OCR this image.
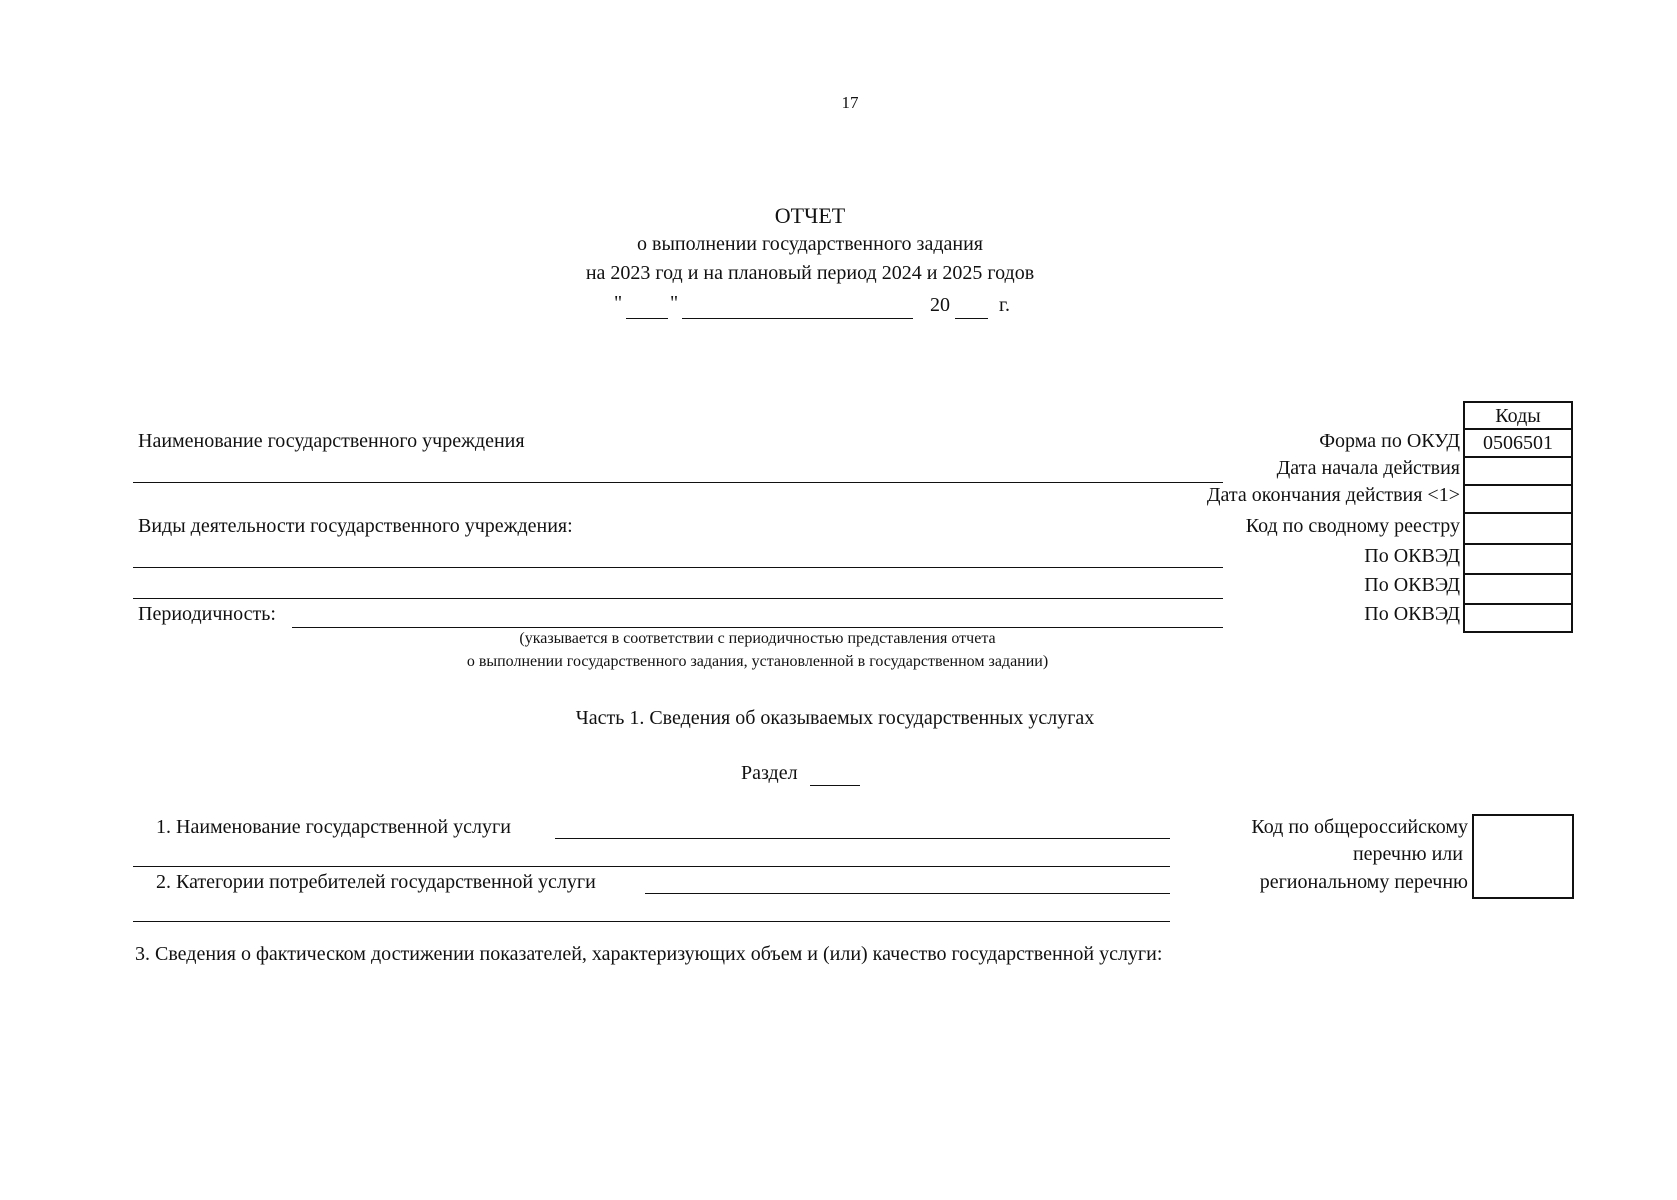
17
ОТЧЕТ
о выполнении государственного задания
на 2023 год и на плановый период 2024 и 2025 годов
" "	20 г.
Наименование государственного учреждения
Виды деятельности государственного учреждения:
Периодичность:
(указывается в соответствии с периодичностью представления отчета
о выполнении государственного задания, установленной в государственном задании)
Коды
Форма по ОКУД
Дата начала действия
Дата окончания действия <1>
Код по сводному реестру
По ОКВЭД
По ОКВЭД
По ОКВЭД
0506501
Часть 1. Сведения об оказываемых государственных услугах
Раздел
1. Наименование государственной услуги
2. Категории потребителей государственной услуги
Код по общероссийскому
перечню или
региональному перечню
3. Сведения о фактическом достижении показателей, характеризующих объем и (или) качество государственной услуги:
